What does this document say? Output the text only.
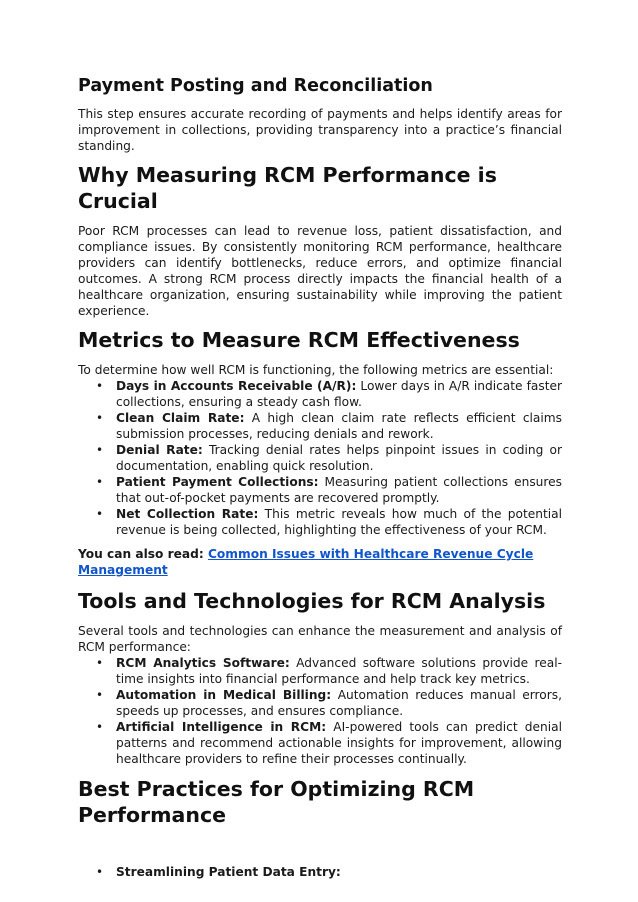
Payment Posting and Reconciliation

This step ensures accurate recording of payments and helps identify areas for improvement in collections, providing transparency into a practice’s financial standing.

Why Measuring RCM Performance is Crucial

Poor RCM processes can lead to revenue loss, patient dissatisfaction, and compliance issues. By consistently monitoring RCM performance, healthcare providers can identify bottlenecks, reduce errors, and optimize financial outcomes. A strong RCM process directly impacts the financial health of a healthcare organization, ensuring sustainability while improving the patient experience.

Metrics to Measure RCM Effectiveness

To determine how well RCM is functioning, the following metrics are essential:

• Days in Accounts Receivable (A/R): Lower days in A/R indicate faster collections, ensuring a steady cash flow.
• Clean Claim Rate: A high clean claim rate reflects efficient claims submission processes, reducing denials and rework.
• Denial Rate: Tracking denial rates helps pinpoint issues in coding or documentation, enabling quick resolution.
• Patient Payment Collections: Measuring patient collections ensures that out-of-pocket payments are recovered promptly.
• Net Collection Rate: This metric reveals how much of the potential revenue is being collected, highlighting the effectiveness of your RCM.
You can also read: Common Issues with Healthcare Revenue Cycle Management
Tools and Technologies for RCM Analysis

Several tools and technologies can enhance the measurement and analysis of RCM performance:

• RCM Analytics Software: Advanced software solutions provide real-time insights into financial performance and help track key metrics.
• Automation in Medical Billing: Automation reduces manual errors, speeds up processes, and ensures compliance.
• Artificial Intelligence in RCM: AI-powered tools can predict denial patterns and recommend actionable insights for improvement, allowing healthcare providers to refine their processes continually.
Best Practices for Optimizing RCM
Performance
• Streamlining Patient Data Entry:
